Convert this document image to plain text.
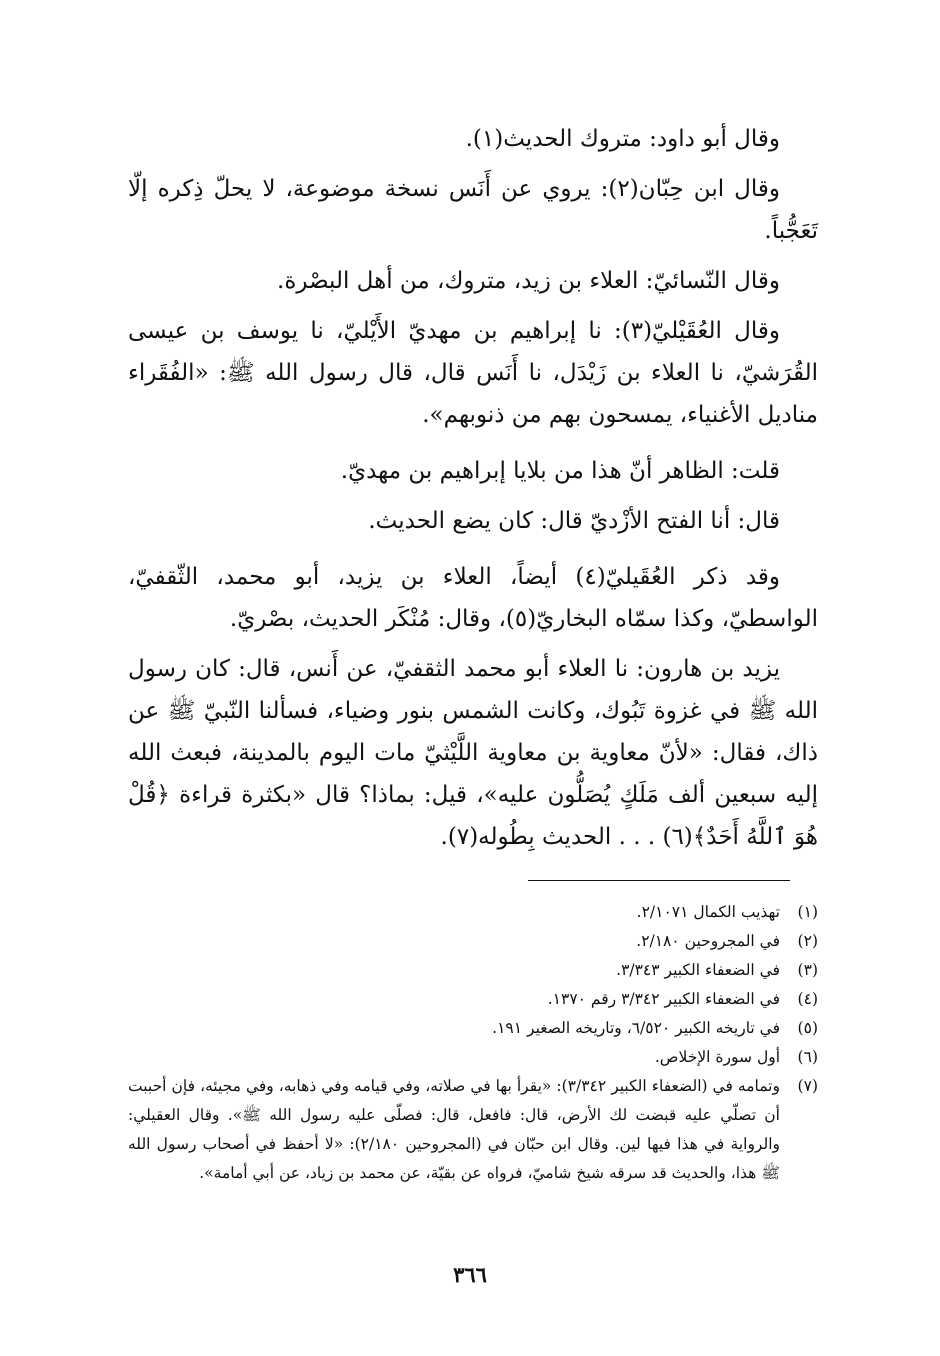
وقال أبو داود: متروك الحديث(١).

وقال ابن حِبّان(٢): يروي عن أَنَس نسخة موضوعة، لا يحلّ ذِكره إلّا تَعَجُّباً.

وقال النّسائيّ: العلاء بن زيد، متروك، من أهل البصْرة.

وقال العُقَيْليّ(٣): نا إبراهيم بن مهديّ الأَيْليّ، نا يوسف بن عيسى القُرَشيّ، نا العلاء بن زَيْدَل، نا أَنَس قال، قال رسول الله ﷺ: «الفُقَراء مناديل الأغنياء، يمسحون بهم من ذنوبهم».

قلت: الظاهر أنّ هذا من بلايا إبراهيم بن مهديّ.

قال: أنا الفتح الأزْديّ قال: كان يضع الحديث.

وقد ذكر العُقَيليّ(٤) أيضاً، العلاء بن يزيد، أبو محمد، الثّقفيّ، الواسطيّ، وكذا سمّاه البخاريّ(٥)، وقال: مُنْكَر الحديث، بصْريّ.

يزيد بن هارون: نا العلاء أبو محمد الثقفيّ، عن أَنس، قال: كان رسول الله ﷺ في غزوة تَبُوك، وكانت الشمس بنور وضياء، فسألنا النّبيّ ﷺ عن ذاك، فقال: «لأنّ معاوية بن معاوية اللَّيْثيّ مات اليوم بالمدينة، فبعث الله إليه سبعين ألف مَلَكٍ يُصَلُّون عليه»، قيل: بماذا؟ قال «بكثرة قراءة ﴿قُلْ هُوَ ٱللَّهُ أَحَدٌ﴾(٦) . . . الحديث بِطُوله(٧).

(١)
تهذيب الكمال ٢/١٠٧١.
(٢)
في المجروحين ٢/١٨٠.
(٣)
في الضعفاء الكبير ٣/٣٤٣.
(٤)
في الضعفاء الكبير ٣/٣٤٢ رقم ١٣٧٠.
(٥)
في تاريخه الكبير ٦/٥٢٠، وتاريخه الصغير ١٩١.
(٦)
أول سورة الإخلاص.
(٧)
وتمامه في (الضعفاء الكبير ٣/٣٤٢): «يقرأ بها في صلاته، وفي قيامه وفي ذهابه، وفي مجيئه، فإن أحببت أن تصلّي عليه قبضت لك الأرض، قال: فافعل، قال: فصلّى عليه رسول الله ﷺ». وقال العقيلي: والرواية في هذا فيها لين. وقال ابن حبّان في (المجروحين ٢/١٨٠): «لا أحفظ في أصحاب رسول الله ﷺ هذا، والحديث قد سرقه شيخ شاميّ، فرواه عن بقيّة، عن محمد بن زياد، عن أبي أمامة».
٣٦٦
